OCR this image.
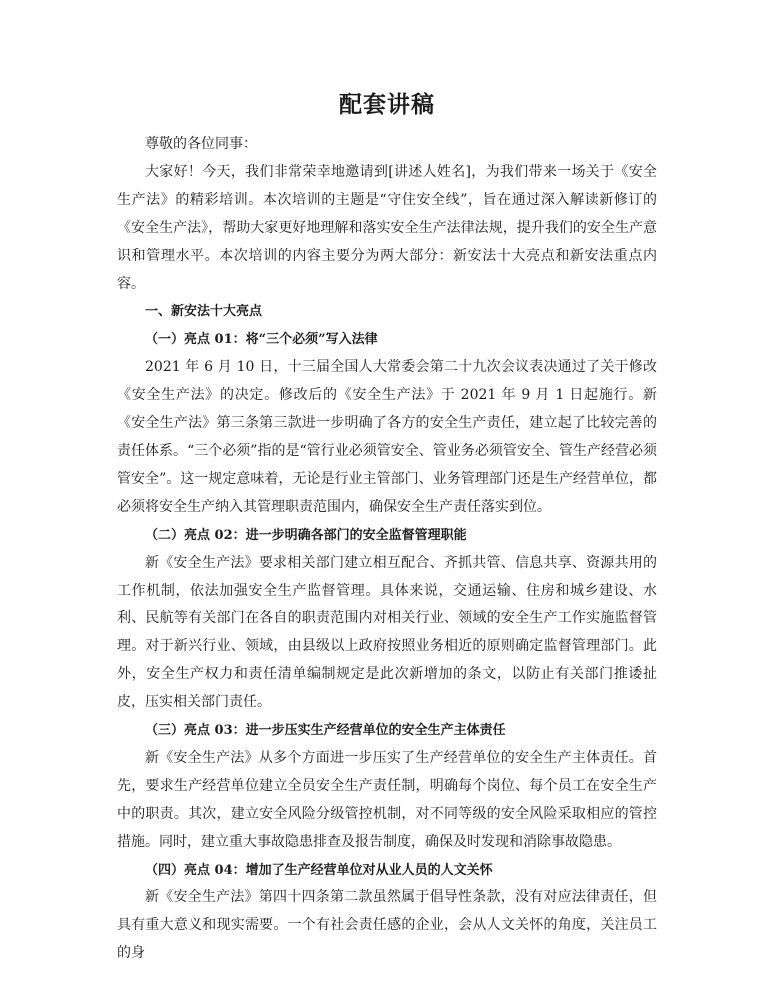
配套讲稿

尊敬的各位同事：

大家好！今天，我们非常荣幸地邀请到[讲述人姓名]，为我们带来一场关于《安全生产法》的精彩培训。本次培训的主题是“守住安全线”，旨在通过深入解读新修订的《安全生产法》，帮助大家更好地理解和落实安全生产法律法规，提升我们的安全生产意识和管理水平。本次培训的内容主要分为两大部分：新安法十大亮点和新安法重点内容。

一、新安法十大亮点

（一）亮点 01：将“三个必须”写入法律

2021 年 6 月 10 日，十三届全国人大常委会第二十九次会议表决通过了关于修改《安全生产法》的决定。修改后的《安全生产法》于 2021 年 9 月 1 日起施行。新《安全生产法》第三条第三款进一步明确了各方的安全生产责任，建立起了比较完善的责任体系。“三个必须”指的是“管行业必须管安全、管业务必须管安全、管生产经营必须管安全”。这一规定意味着，无论是行业主管部门、业务管理部门还是生产经营单位，都必须将安全生产纳入其管理职责范围内，确保安全生产责任落实到位。

（二）亮点 02：进一步明确各部门的安全监督管理职能

新《安全生产法》要求相关部门建立相互配合、齐抓共管、信息共享、资源共用的工作机制，依法加强安全生产监督管理。具体来说，交通运输、住房和城乡建设、水利、民航等有关部门在各自的职责范围内对相关行业、领域的安全生产工作实施监督管理。对于新兴行业、领域，由县级以上政府按照业务相近的原则确定监督管理部门。此外，安全生产权力和责任清单编制规定是此次新增加的条文，以防止有关部门推诿扯皮，压实相关部门责任。

（三）亮点 03：进一步压实生产经营单位的安全生产主体责任

新《安全生产法》从多个方面进一步压实了生产经营单位的安全生产主体责任。首先，要求生产经营单位建立全员安全生产责任制，明确每个岗位、每个员工在安全生产中的职责。其次，建立安全风险分级管控机制，对不同等级的安全风险采取相应的管控措施。同时，建立重大事故隐患排查及报告制度，确保及时发现和消除事故隐患。

（四）亮点 04：增加了生产经营单位对从业人员的人文关怀

新《安全生产法》第四十四条第二款虽然属于倡导性条款，没有对应法律责任，但具有重大意义和现实需要。一个有社会责任感的企业，会从人文关怀的角度，关注员工的身
